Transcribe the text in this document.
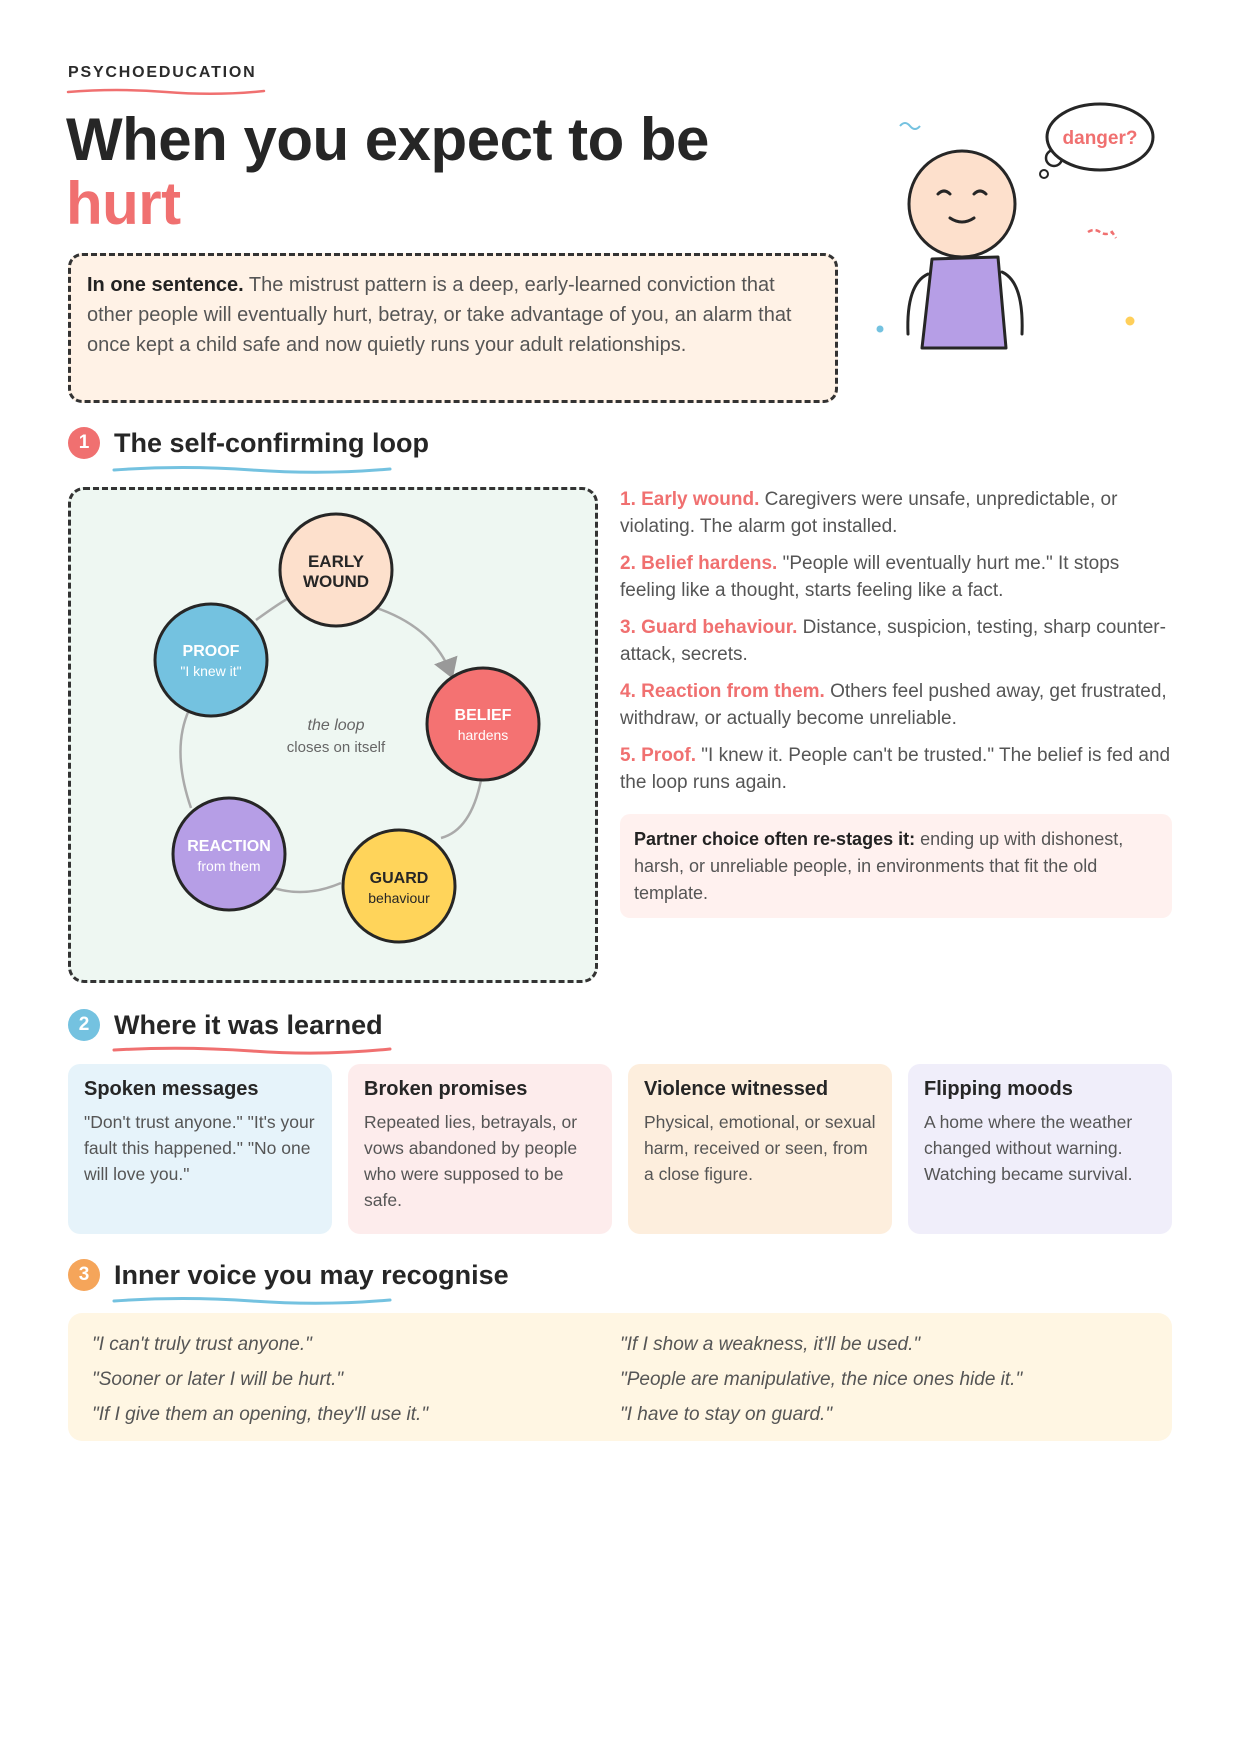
PSYCHOEDUCATION
When you expect to be
hurt
danger?
In one sentence. The mistrust pattern is a deep, early-learned conviction that other people will eventually hurt, betray, or take advantage of you, an alarm that once kept a child safe and now quietly runs your adult relationships.
1 The self-confirming loop
the loop
closes on itself
EARLY
WOUND
BELIEF
hardens
GUARD
behaviour
REACTION
from them
PROOF
"I knew it"
1. Early wound. Caregivers were unsafe, unpredictable, or violating. The alarm got installed.
2. Belief hardens. "People will eventually hurt me." It stops feeling like a thought, starts feeling like a fact.
3. Guard behaviour. Distance, suspicion, testing, sharp counter-attack, secrets.
4. Reaction from them. Others feel pushed away, get frustrated, withdraw, or actually become unreliable.
5. Proof. "I knew it. People can't be trusted." The belief is fed and the loop runs again.
Partner choice often re-stages it: ending up with dishonest, harsh, or unreliable people, in environments that fit the old template.
2 Where it was learned
Spoken messages

"Don't trust anyone." "It's your fault this happened." "No one will love you."

Broken promises

Repeated lies, betrayals, or vows abandoned by people who were supposed to be safe.

Violence witnessed

Physical, emotional, or sexual harm, received or seen, from a close figure.

Flipping moods

A home where the weather changed without warning. Watching became survival.

3 Inner voice you may recognise
"I can't truly trust anyone."
"Sooner or later I will be hurt."
"If I give them an opening, they'll use it."
"If I show a weakness, it'll be used."
"People are manipulative, the nice ones hide it."
"I have to stay on guard."
